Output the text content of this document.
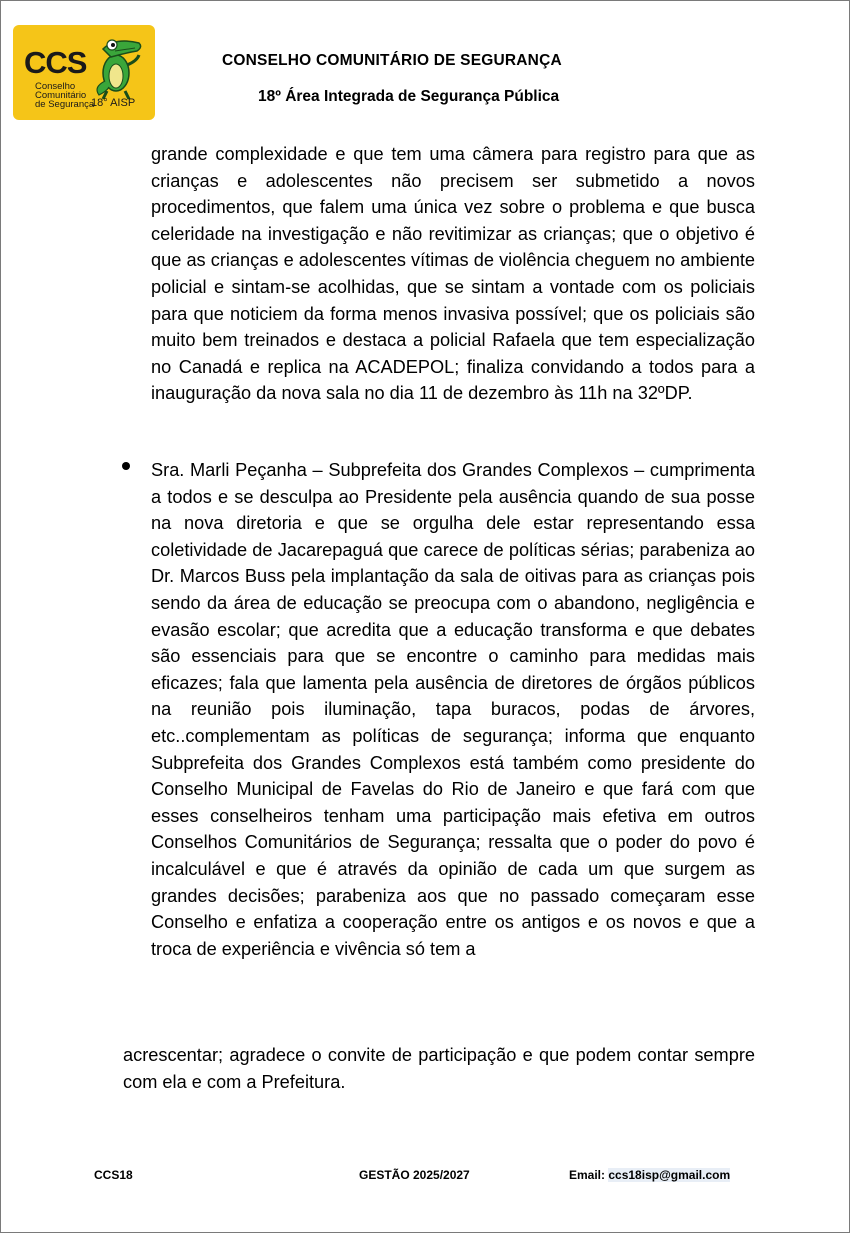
CCS
Conselho
Comunitário
de Segurança
18° AISP
CONSELHO COMUNITÁRIO DE SEGURANÇA
18º Área Integrada de Segurança Pública

grande complexidade e que tem uma câmera para registro para que as crianças e adolescentes não precisem ser submetido a novos procedimentos, que falem uma única vez sobre o problema e que busca celeridade na investigação e não revitimizar as crianças; que o objetivo é que as crianças e adolescentes vítimas de violência cheguem no ambiente policial e sintam-se acolhidas, que se sintam a vontade com os policiais para que noticiem da forma menos invasiva possível; que os policiais são muito bem treinados e destaca a policial Rafaela que tem especialização no Canadá e replica na ACADEPOL; finaliza convidando a todos para a inauguração da nova sala no dia 11 de dezembro às 11h na 32ºDP.

Sra. Marli Peçanha – Subprefeita dos Grandes Complexos – cumprimenta a todos e se desculpa ao Presidente pela ausência quando de sua posse na nova diretoria e que se orgulha dele estar representando essa coletividade de Jacarepaguá que carece de políticas sérias; parabeniza ao Dr. Marcos Buss pela implantação da sala de oitivas para as crianças pois sendo da área de educação se preocupa com o abandono, negligência e evasão escolar; que acredita que a educação transforma e que debates são essenciais para que se encontre o caminho para medidas mais eficazes; fala que lamenta pela ausência de diretores de órgãos públicos na reunião pois iluminação, tapa buracos, podas de árvores, etc..complementam as políticas de segurança; informa que enquanto Subprefeita dos Grandes Complexos está também como presidente do Conselho Municipal de Favelas do Rio de Janeiro e que fará com que esses conselheiros tenham uma participação mais efetiva em outros Conselhos Comunitários de Segurança; ressalta que o poder do povo é incalculável e que é através da opinião de cada um que surgem as grandes decisões; parabeniza aos que no passado começaram esse Conselho e enfatiza a cooperação entre os antigos e os novos e que a troca de experiência e vivência só tem a

acrescentar; agradece o convite de participação e que podem contar sempre com ela e com a Prefeitura.

CCS18	GESTÃO 2025/2027	Email: ccs18isp@gmail.com
